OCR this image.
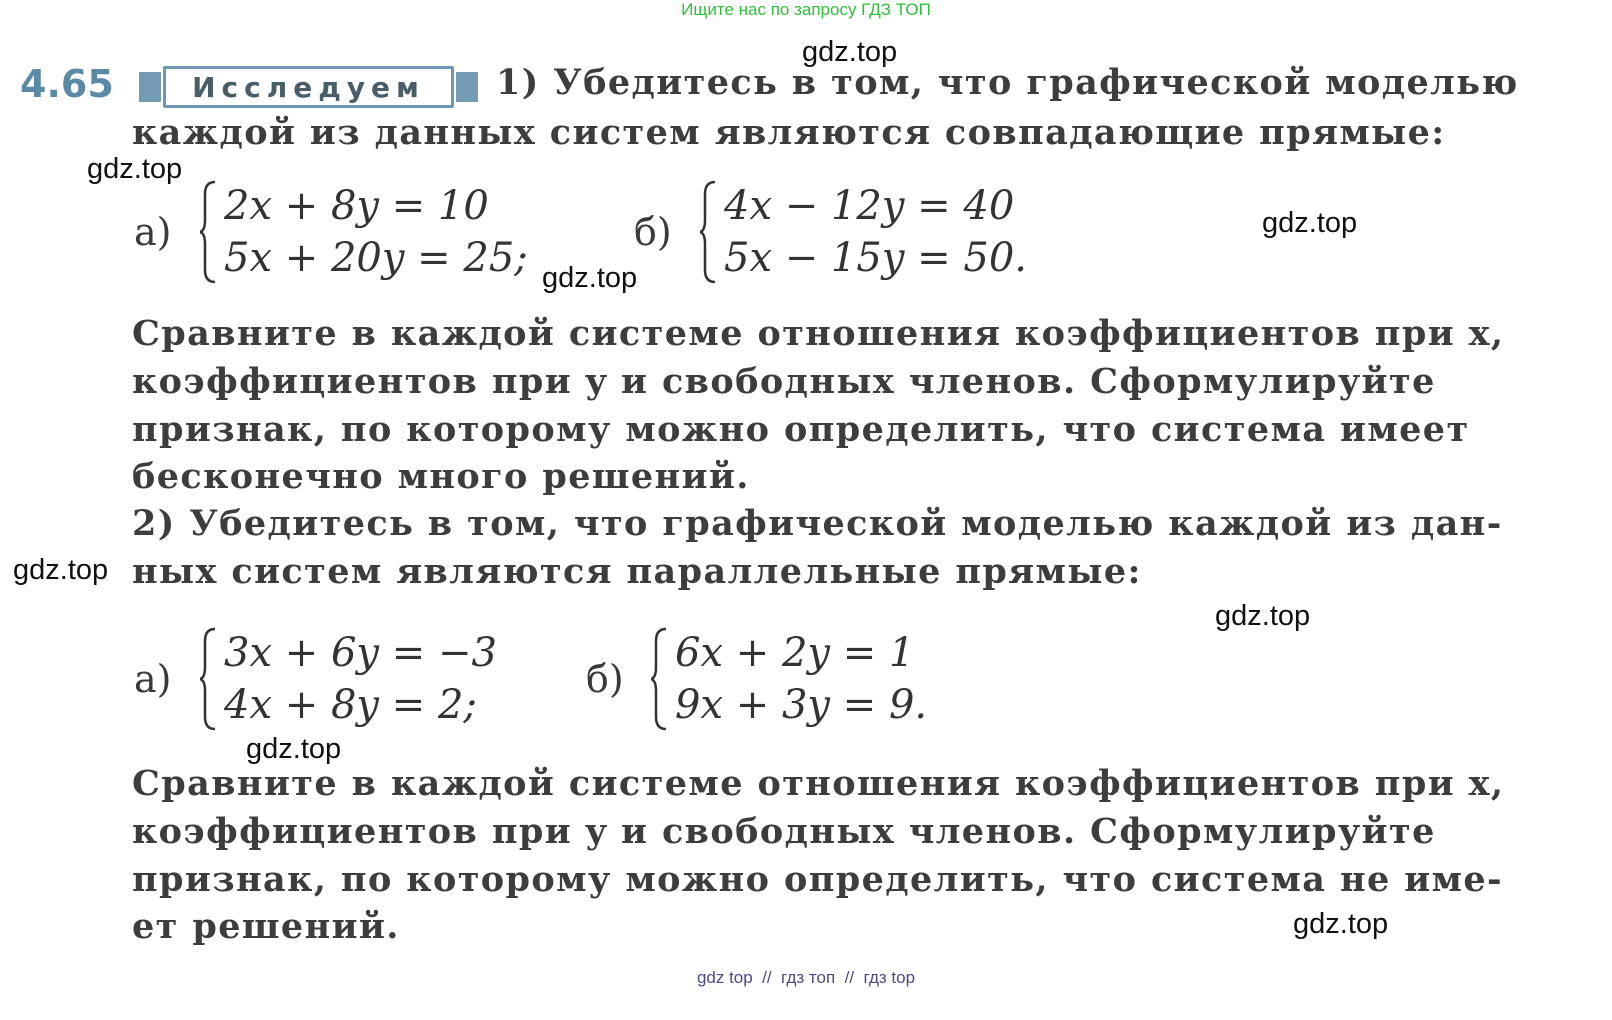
Ищите нас по запросу ГДЗ ТОП
gdz.top
gdz.top
gdz.top
gdz.top
gdz.top
gdz.top
gdz.top
gdz.top
4.65	Исследуем	1) Убедитесь в том, что графической моделью
каждой из данных систем являются совпадающие прямые:
а)
2x + 8y = 10
5x + 20y = 25;
б)
4x − 12y = 40
5x − 15y = 50.
Сравните в каждой системе отношения коэффициентов при x,
коэффициентов при y и свободных членов. Сформулируйте
признак, по которому можно определить, что система имеет
бесконечно много решений.
2) Убедитесь в том, что графической моделью каждой из дан-
ных систем являются параллельные прямые:
а)
3x + 6y = −3
4x + 8y = 2;
б)
6x + 2y = 1
9x + 3y = 9.
Сравните в каждой системе отношения коэффициентов при x,
коэффициентов при y и свободных членов. Сформулируйте
признак, по которому можно определить, что система не име-
ет решений.
gdz top  //  гдз топ  //  гдз top
